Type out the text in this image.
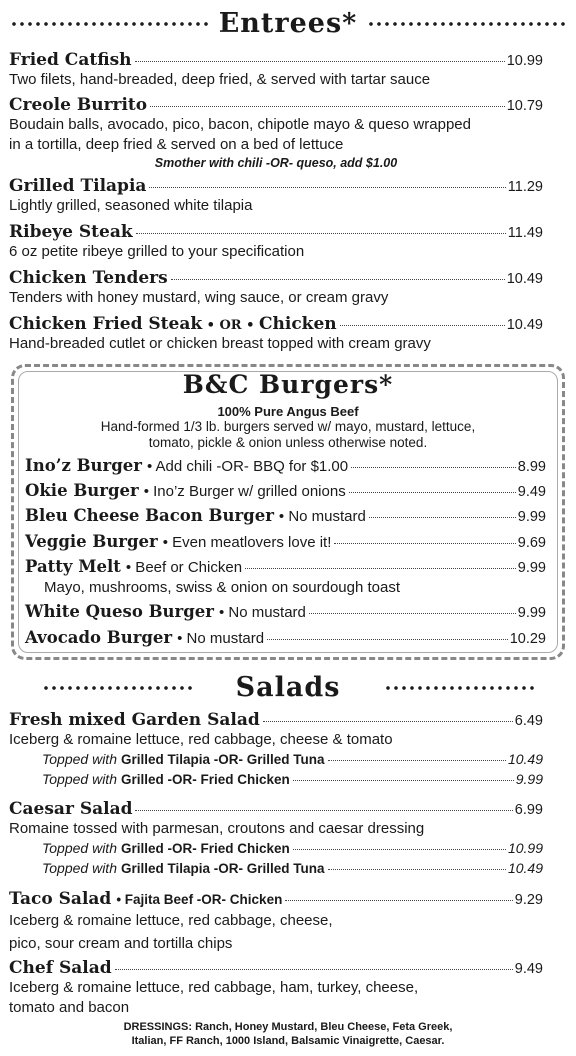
Entrees*
Fried Catfish	10.99
Two filets, hand-breaded, deep fried, & served with tartar sauce
Creole Burrito	10.79
Boudain balls, avocado, pico, bacon, chipotle mayo & queso wrapped
in a tortilla, deep fried & served on a bed of lettuce
Smother with chili -OR- queso, add $1.00
Grilled Tilapia	11.29
Lightly grilled, seasoned white tilapia
Ribeye Steak	11.49
6 oz petite ribeye grilled to your specification
Chicken Tenders	10.49
Tenders with honey mustard, wing sauce, or cream gravy
Chicken Fried Steak • OR • Chicken	10.49
Hand-breaded cutlet or chicken breast topped with cream gravy
B&C Burgers*
100% Pure Angus Beef
Hand-formed 1/3 lb. burgers served w/ mayo, mustard, lettuce,
tomato, pickle & onion unless otherwise noted.
Ino’z Burger • Add chili -OR- BBQ for $1.00	8.99
Okie Burger • Ino’z Burger w/ grilled onions	9.49
Bleu Cheese Bacon Burger • No mustard	9.99
Veggie Burger • Even meatlovers love it!	9.69
Patty Melt • Beef or Chicken	9.99
Mayo, mushrooms, swiss & onion on sourdough toast
White Queso Burger • No mustard	9.99
Avocado Burger • No mustard	10.29
Salads
Fresh mixed Garden Salad	6.49
Iceberg & romaine lettuce, red cabbage, cheese & tomato
Topped with Grilled Tilapia -OR- Grilled Tuna	10.49
Topped with Grilled -OR- Fried Chicken	9.99
Caesar Salad	6.99
Romaine tossed with parmesan, croutons and caesar dressing
Topped with Grilled -OR- Fried Chicken	10.99
Topped with Grilled Tilapia -OR- Grilled Tuna	10.49
Taco Salad • Fajita Beef -OR- Chicken	9.29
Iceberg & romaine lettuce, red cabbage, cheese,
pico, sour cream and tortilla chips
Chef Salad	9.49
Iceberg & romaine lettuce, red cabbage, ham, turkey, cheese,
tomato and bacon
DRESSINGS: Ranch, Honey Mustard, Bleu Cheese, Feta Greek,
Italian, FF Ranch, 1000 Island, Balsamic Vinaigrette, Caesar.
